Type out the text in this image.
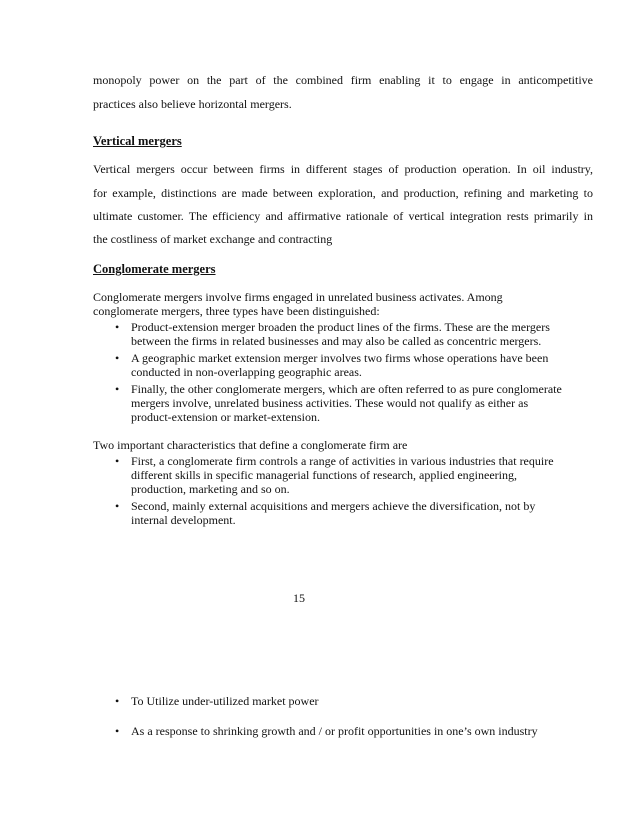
monopoly power on the part of the combined firm enabling it to engage in anticompetitive
practices also believe horizontal mergers.
Vertical mergers
Vertical mergers occur between firms in different stages of production operation. In oil industry,
for example, distinctions are made between exploration, and production, refining and marketing to
ultimate customer. The efficiency and affirmative rationale of vertical integration rests primarily in
the costliness of market exchange and contracting
Conglomerate mergers
Conglomerate mergers involve firms engaged in unrelated business activates. Among
conglomerate mergers, three types have been distinguished:
• Product-extension merger broaden the product lines of the firms. These are the mergers
between the firms in related businesses and may also be called as concentric mergers.
• A geographic market extension merger involves two firms whose operations have been
conducted in non-overlapping geographic areas.
• Finally, the other conglomerate mergers, which are often referred to as pure conglomerate
mergers involve, unrelated business activities. These would not qualify as either as
product-extension or market-extension.
Two important characteristics that define a conglomerate firm are
• First, a conglomerate firm controls a range of activities in various industries that require
different skills in specific managerial functions of research, applied engineering,
production, marketing and so on.
• Second, mainly external acquisitions and mergers achieve the diversification, not by
internal development.
15
• To Utilize under-utilized market power
• As a response to shrinking growth and / or profit opportunities in one’s own industry
